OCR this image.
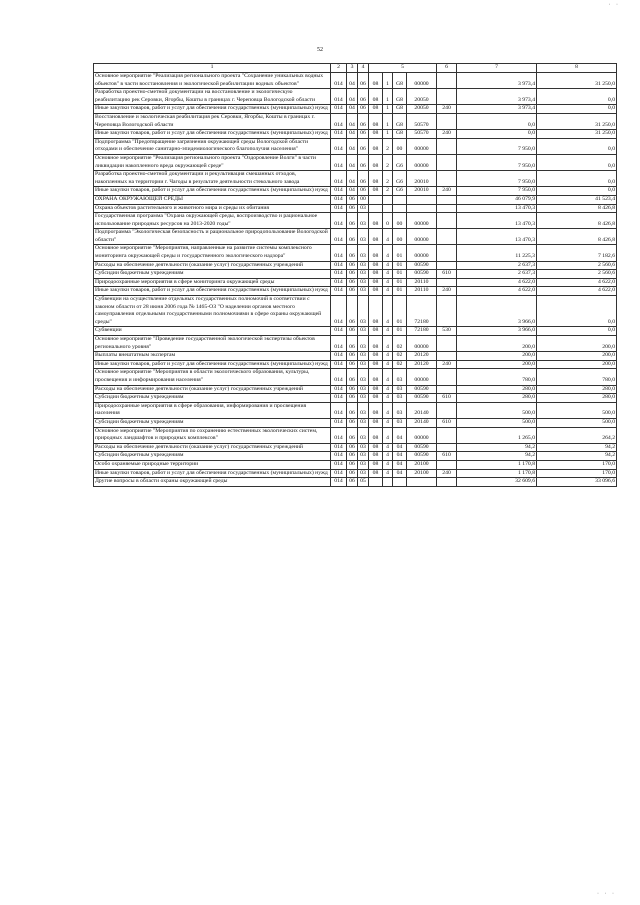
· ·
52
1	2	3	4	5				6	7	8
Основное мероприятие "Реализация регионального проекта "Сохранение уникальных водных объектов" в части восстановления и экологической реабилитации водных объектов"	014	04	06	08	1	G8	00000		3 973,4	31 250,0
Разработка проектно-сметной документации на восстановление и экологическую реабилитацию рек Серовки, Ягорбы, Кошты в границах г. Череповца Вологодской области	014	04	06	08	1	G8	20050		3 973,4	0,0
Иные закупки товаров, работ и услуг для обеспечения государственных (муниципальных) нужд	014	04	06	08	1	G8	20050	240	3 973,4	0,0
Восстановление и экологическая реабилитация рек Серовки, Ягорбы, Кошты в границах г. Череповца Вологодской области	014	04	06	08	1	G8	50570		0,0	31 250,0
Иные закупки товаров, работ и услуг для обеспечения государственных (муниципальных) нужд	014	04	06	08	1	G8	50570	240	0,0	31 250,0
Подпрограмма "Предотвращение загрязнения окружающей среды Вологодской области отходами и обеспечение санитарно-эпидемиологического благополучия населения"	014	04	06	08	2	00	00000		7 950,0	0,0
Основное мероприятие "Реализация регионального проекта "Оздоровление Волги" в части ликвидации накопленного вреда окружающей среде"	014	04	06	08	2	G6	00000		7 950,0	0,0
Разработка проектно-сметной документации и рекультивация смешанных отходов, накопленных на территории г. Чагоды в результате деятельности стекольного завода	014	04	06	08	2	G6	20010		7 950,0	0,0
Иные закупки товаров, работ и услуг для обеспечения государственных (муниципальных) нужд	014	04	06	08	2	G6	20010	240	7 950,0	0,0
ОХРАНА ОКРУЖАЮЩЕЙ СРЕДЫ	014	06	00						46 079,9	41 523,4
Охрана объектов растительного и животного мира и среды их обитания	014	06	03						13 470,3	8 426,8
Государственная программа "Охрана окружающей среды, воспроизводство и рациональное использование природных ресурсов на 2013-2020 годы"	014	06	03	08	0	00	00000		13 470,3	8 426,8
Подпрограмма "Экологическая безопасность и рациональное природопользование Вологодской области"	014	06	03	08	4	00	00000		13 470,3	8 426,8
Основное мероприятие "Мероприятия, направленные на развитие системы комплексного мониторинга окружающей среды и государственного экологического надзора"	014	06	03	08	4	01	00000		11 225,3	7 182,6
Расходы на обеспечение деятельности (оказание услуг) государственных учреждений	014	06	03	08	4	01	00590		2 637,3	2 560,6
Субсидии бюджетным учреждениям	014	06	03	08	4	01	00590	610	2 637,3	2 560,6
Природоохранные мероприятия в сфере мониторинга окружающей среды	014	06	03	08	4	01	20110		4 622,0	4 622,0
Иные закупки товаров, работ и услуг для обеспечения государственных (муниципальных) нужд	014	06	03	08	4	01	20110	240	4 622,0	4 622,0
Субвенции на осуществление отдельных государственных полномочий в соответствии с законом области от 28 июня 2006 года № 1465-ОЗ "О наделении органов местного самоуправления отдельными государственными полномочиями в сфере охраны окружающей среды"	014	06	03	08	4	01	72180		3 966,0	0,0
Субвенции	014	06	03	08	4	01	72180	530	3 966,0	0,0
Основное мероприятие "Проведение государственной экологической экспертизы объектов регионального уровня"	014	06	03	08	4	02	00000		200,0	200,0
Выплаты внештатным экспертам	014	06	03	08	4	02	20120		200,0	200,0
Иные закупки товаров, работ и услуг для обеспечения государственных (муниципальных) нужд	014	06	03	08	4	02	20120	240	200,0	200,0
Основное мероприятие "Мероприятия в области экологического образования, культуры, просвещения и информирования населения"	014	06	03	08	4	03	00000		780,0	780,0
Расходы на обеспечение деятельности (оказание услуг) государственных учреждений	014	06	03	08	4	03	00590		280,0	280,0
Субсидии бюджетным учреждениям	014	06	03	08	4	03	00590	610	280,0	280,0
Природоохранные мероприятия в сфере образования, информирования и просвещения населения	014	06	03	08	4	03	20140		500,0	500,0
Субсидии бюджетным учреждениям	014	06	03	08	4	03	20140	610	500,0	500,0
Основное мероприятие "Мероприятия по сохранению естественных экологических систем, природных ландшафтов и природных комплексов"	014	06	03	08	4	04	00000		1 265,0	264,2
Расходы на обеспечение деятельности (оказание услуг) государственных учреждений	014	06	03	08	4	04	00590		94,2	94,2
Субсидии бюджетным учреждениям	014	06	03	08	4	04	00590	610	94,2	94,2
Особо охраняемые природные территории	014	06	03	08	4	04	20100		1 170,8	170,0
Иные закупки товаров, работ и услуг для обеспечения государственных (муниципальных) нужд	014	06	03	08	4	04	20100	240	1 170,8	170,0
Другие вопросы в области охраны окружающей среды	014	06	05						32 609,6	33 096,6
· · ·
